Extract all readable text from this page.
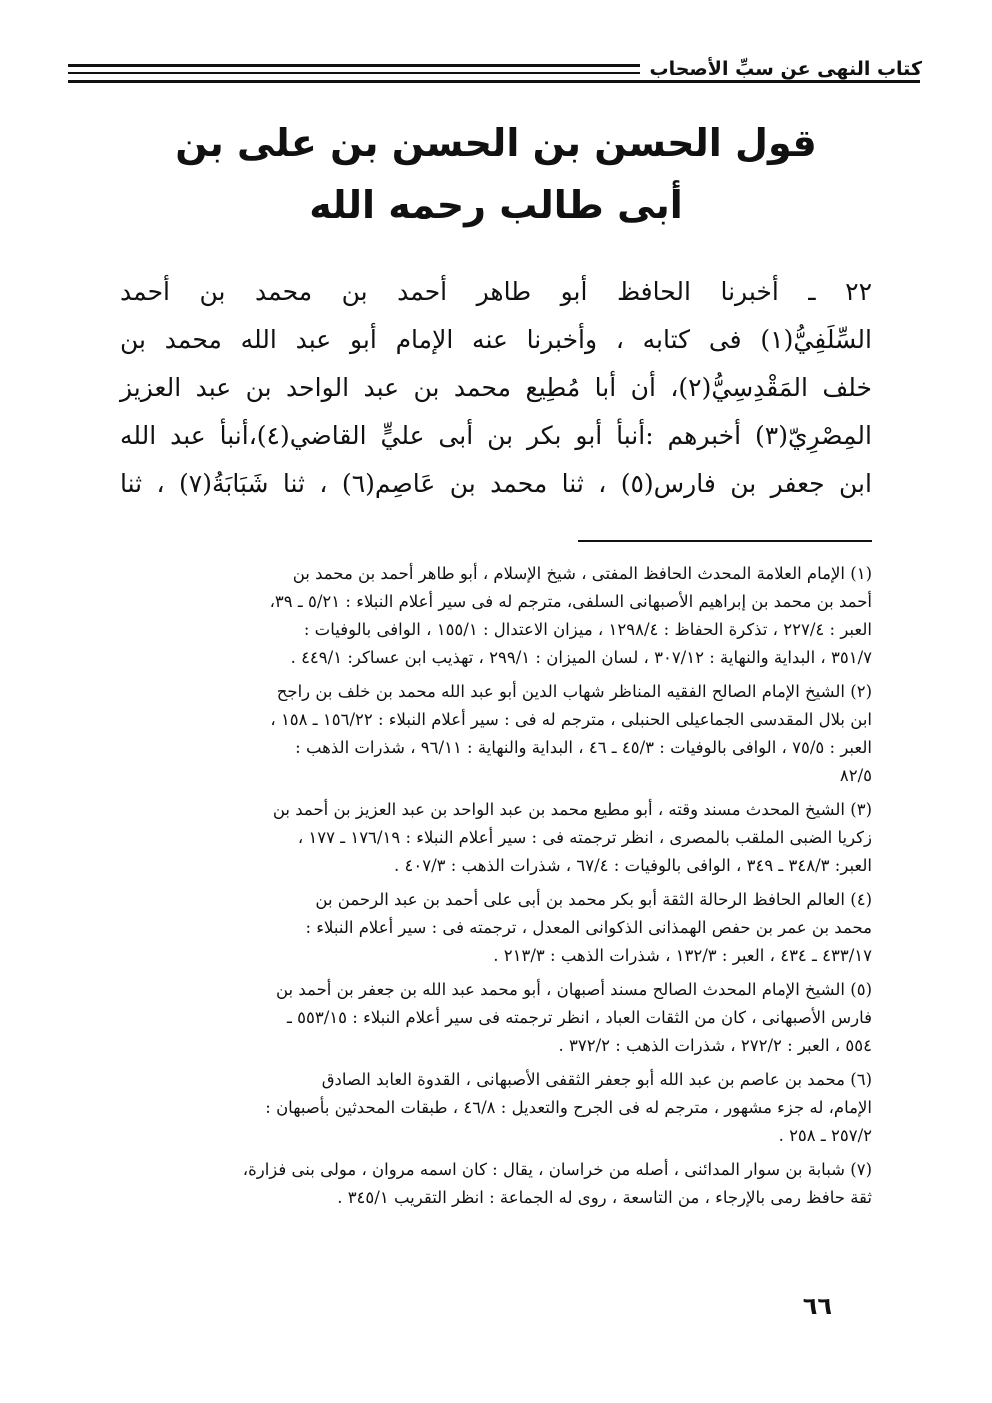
كتاب النهى عن سبِّ الأصحاب
قول الحسن بن الحسن بن على بن
أبى طالب رحمه الله
٢٢ ـ أخبرنا الحافظ أبو طاهر أحمد بن محمد بن أحمد
السِّلَفِيُّ(١) فى كتابه ، وأخبرنا عنه الإمام أبو عبد الله محمد بن
خلف المَقْدِسِيُّ(٢)، أن أبا مُطِيع محمد بن عبد الواحد بن عبد العزيز
المِصْرِيّ(٣) أخبرهم :أنبأ أبو بكر بن أبى عليٍّ القاضي(٤)،أنبأ عبد الله
ابن جعفر بن فارس(٥) ، ثنا محمد بن عَاصِم(٦) ، ثنا شَبَابَةُ(٧) ، ثنا
(١) الإمام العلامة المحدث الحافظ المفتى ، شيخ الإسلام ، أبو طاهر أحمد بن محمد بن
أحمد بن محمد بن إبراهيم الأصبهانى السلفى، مترجم له فى سير أعلام النبلاء : ٥/٢١ ـ ٣٩،
العبر : ٢٢٧/٤ ، تذكرة الحفاظ : ١٢٩٨/٤ ، ميزان الاعتدال : ١٥٥/١ ، الوافى بالوفيات :
٣٥١/٧ ، البداية والنهاية : ٣٠٧/١٢ ، لسان الميزان : ٢٩٩/١ ، تهذيب ابن عساكر: ٤٤٩/١ .
(٢) الشيخ الإمام الصالح الفقيه المناظر شهاب الدين أبو عبد الله محمد بن خلف بن راجح
ابن بلال المقدسى الجماعيلى الحنبلى ، مترجم له فى : سير أعلام النبلاء : ١٥٦/٢٢ ـ ١٥٨ ،
العبر : ٧٥/٥ ، الوافى بالوفيات : ٤٥/٣ ـ ٤٦ ، البداية والنهاية : ٩٦/١١ ، شذرات الذهب :
٨٢/٥
(٣) الشيخ المحدث مسند وقته ، أبو مطيع محمد بن عبد الواحد بن عبد العزيز بن أحمد بن
زكريا الضبى الملقب بالمصرى ، انظر ترجمته فى : سير أعلام النبلاء : ١٧٦/١٩ ـ ١٧٧ ،
العبر: ٣٤٨/٣ ـ ٣٤٩ ، الوافى بالوفيات : ٦٧/٤ ، شذرات الذهب : ٤٠٧/٣ .
(٤) العالم الحافظ الرحالة الثقة أبو بكر محمد بن أبى على أحمد بن عبد الرحمن بن
محمد بن عمر بن حفص الهمذانى الذكوانى المعدل ، ترجمته فى : سير أعلام النبلاء :
٤٣٣/١٧ ـ ٤٣٤ ، العبر : ١٣٢/٣ ، شذرات الذهب : ٢١٣/٣ .
(٥) الشيخ الإمام المحدث الصالح مسند أصبهان ، أبو محمد عبد الله بن جعفر بن أحمد بن
فارس الأصبهانى ، كان من الثقات العباد ، انظر ترجمته فى سير أعلام النبلاء : ٥٥٣/١٥ ـ
٥٥٤ ، العبر : ٢٧٢/٢ ، شذرات الذهب : ٣٧٢/٢ .
(٦) محمد بن عاصم بن عبد الله أبو جعفر الثقفى الأصبهانى ، القدوة العابد الصادق
الإمام، له جزء مشهور ، مترجم له فى الجرح والتعديل : ٤٦/٨ ، طبقات المحدثين بأصبهان :
٢٥٧/٢ ـ ٢٥٨ .
(٧) شبابة بن سوار المدائنى ، أصله من خراسان ، يقال : كان اسمه مروان ، مولى بنى فزارة،
ثقة حافظ رمى بالإرجاء ، من التاسعة ، روى له الجماعة : انظر التقريب ٣٤٥/١ .
٦٦
